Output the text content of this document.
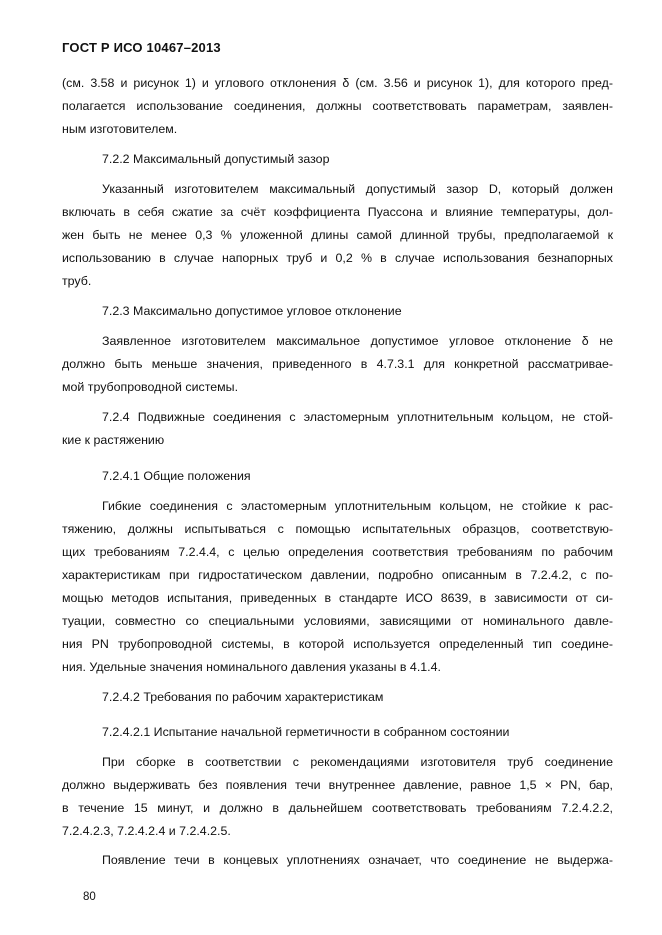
ГОСТ Р ИСО 10467–2013
(см. 3.58 и рисунок 1) и углового отклонения δ (см. 3.56 и рисунок 1), для которого пред-
полагается использование соединения, должны соответствовать параметрам, заявлен-
ным изготовителем.
7.2.2 Максимальный допустимый зазор
Указанный изготовителем максимальный допустимый зазор D, который должен
включать в себя сжатие за счёт коэффициента Пуассона и влияние температуры, дол-
жен быть не менее 0,3 % уложенной длины самой длинной трубы, предполагаемой к
использованию в случае напорных труб и 0,2 % в случае использования безнапорных
труб.
7.2.3 Максимально допустимое угловое отклонение
Заявленное изготовителем максимальное допустимое угловое отклонение δ не
должно быть меньше значения, приведенного в 4.7.3.1 для конкретной рассматривае-
мой трубопроводной системы.
7.2.4 Подвижные соединения с эластомерным уплотнительным кольцом, не стой-
кие к растяжению
7.2.4.1 Общие положения
Гибкие соединения с эластомерным уплотнительным кольцом, не стойкие к рас-
тяжению, должны испытываться с помощью испытательных образцов, соответствую-
щих требованиям 7.2.4.4, с целью определения соответствия требованиям по рабочим
характеристикам при гидростатическом давлении, подробно описанным в 7.2.4.2, с по-
мощью методов испытания, приведенных в стандарте ИСО 8639, в зависимости от си-
туации, совместно со специальными условиями, зависящими от номинального давле-
ния PN трубопроводной системы, в которой используется определенный тип соедине-
ния. Удельные значения номинального давления указаны в 4.1.4.
7.2.4.2 Требования по рабочим характеристикам
7.2.4.2.1 Испытание начальной герметичности в собранном состоянии
При сборке в соответствии с рекомендациями изготовителя труб соединение
должно выдерживать без появления течи внутреннее давление, равное 1,5 × PN, бар,
в течение 15 минут, и должно в дальнейшем соответствовать требованиям 7.2.4.2.2,
7.2.4.2.3, 7.2.4.2.4 и 7.2.4.2.5.
Появление течи в концевых уплотнениях означает, что соединение не выдержа-
80
